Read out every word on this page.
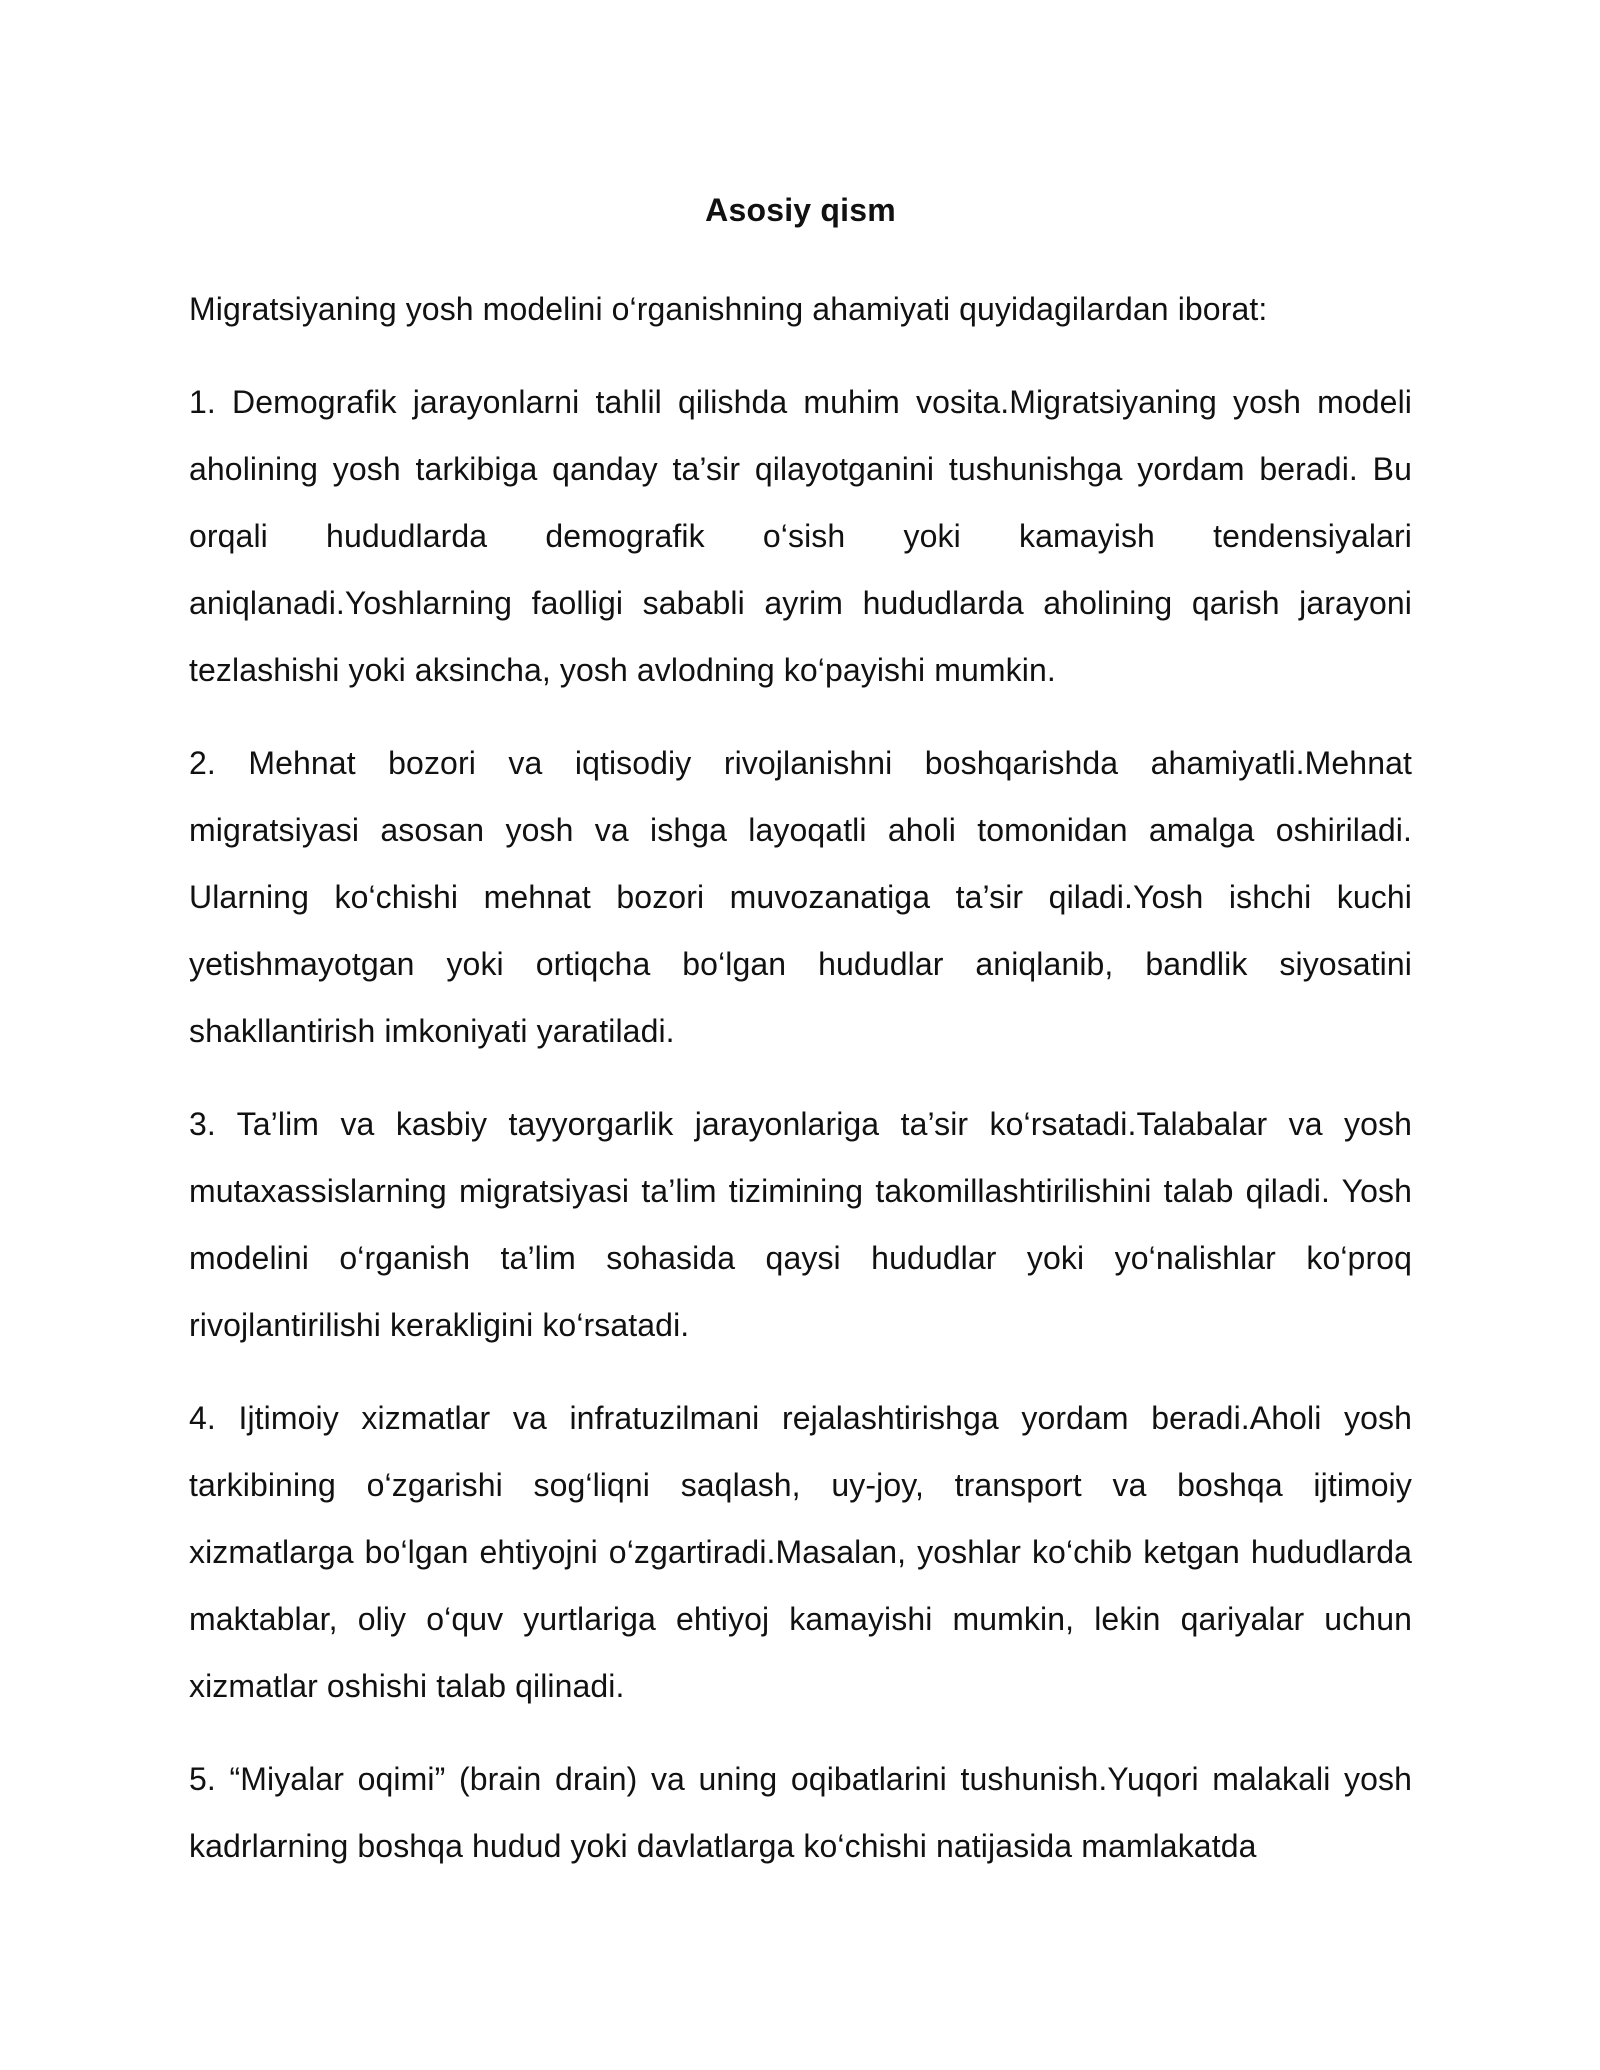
Asosiy qism

Migratsiyaning yosh modelini o‘rganishning ahamiyati quyidagilardan iborat:

1. Demografik jarayonlarni tahlil qilishda muhim vosita.Migratsiyaning yosh modeli aholining yosh tarkibiga qanday ta’sir qilayotganini tushunishga yordam beradi. Bu orqali hududlarda demografik o‘sish yoki kamayish tendensiyalari aniqlanadi.Yoshlarning faolligi sababli ayrim hududlarda aholining qarish jarayoni tezlashishi yoki aksincha, yosh avlodning ko‘payishi mumkin.

2. Mehnat bozori va iqtisodiy rivojlanishni boshqarishda ahamiyatli.Mehnat migratsiyasi asosan yosh va ishga layoqatli aholi tomonidan amalga oshiriladi. Ularning ko‘chishi mehnat bozori muvozanatiga ta’sir qiladi.Yosh ishchi kuchi yetishmayotgan yoki ortiqcha bo‘lgan hududlar aniqlanib, bandlik siyosatini shakllantirish imkoniyati yaratiladi.

3. Ta’lim va kasbiy tayyorgarlik jarayonlariga ta’sir ko‘rsatadi.Talabalar va yosh mutaxassislarning migratsiyasi ta’lim tizimining takomillashtirilishini talab qiladi. Yosh modelini o‘rganish ta’lim sohasida qaysi hududlar yoki yo‘nalishlar ko‘proq rivojlantirilishi kerakligini ko‘rsatadi.

4. Ijtimoiy xizmatlar va infratuzilmani rejalashtirishga yordam beradi.Aholi yosh tarkibining o‘zgarishi sog‘liqni saqlash, uy-joy, transport va boshqa ijtimoiy xizmatlarga bo‘lgan ehtiyojni o‘zgartiradi.Masalan, yoshlar ko‘chib ketgan hududlarda maktablar, oliy o‘quv yurtlariga ehtiyoj kamayishi mumkin, lekin qariyalar uchun xizmatlar oshishi talab qilinadi.

5. “Miyalar oqimi” (brain drain) va uning oqibatlarini tushunish.Yuqori malakali yosh kadrlarning boshqa hudud yoki davlatlarga ko‘chishi natijasida mamlakatda
